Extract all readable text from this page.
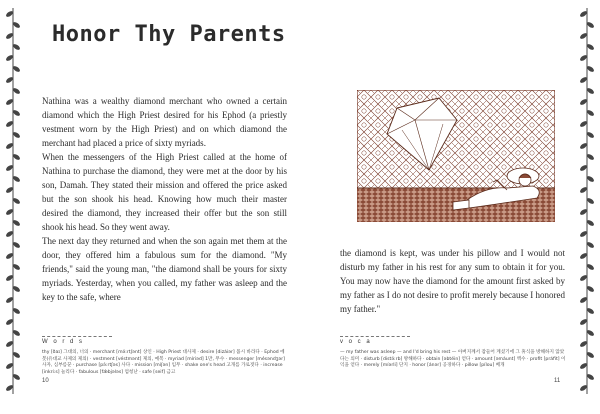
Honor Thy Parents

Nathina was a wealthy diamond merchant who owned a certain diamond which the High Priest desired for his Ephod (a priestly vestment worn by the High Priest) and on which diamond the merchant had placed a price of sixty myriads.

When the messengers of the High Priest called at the home of Nathina to purchase the diamond, they were met at the door by his son, Damah. They stated their mission and offered the price asked but the son shook his head. Knowing how much their master desired the diamond, they increased their offer but the son still shook his head. So they went away.

The next day they returned and when the son again met them at the door, they offered him a fabulous sum for the diamond. "My friends," said the young man, "the diamond shall be yours for sixty myriads. Yesterday, when you called, my father was asleep and the key to the safe, where

W o r d s
thy [ðaɪ] 그대의, 너의 · merchant [mə́ːrtʃənt] 상인 · High Priest 대사제 · desire [dizáiər] 몹시 바라다 · Ephod 에봇(유대교 사제의 제의) · vestment [véstmənt] 제의, 예복 · myriad [míriəd] 1만, 무수 · messenger [mésəndʒər] 사자, 심부름꾼 · purchase [pə́ːrtʃəs] 사다 · mission [míʃən] 임무 · shake one's head 고개를 가로젓다 · increase [inkríːs] 늘리다 · fabulous [fǽbjələs] 엄청난 · safe [seif] 금고
10

the diamond is kept, was under his pillow and I would not disturb my father in his rest for any sum to obtain it for you. You may now have the diamond for the amount first asked by my father as I do not desire to profit merely because I honored my father."

v o c a
— my father was asleep — and I'd bring his rest — 아버지께서 잠들어 계셨기에 그 휴식을 방해하지 않았다는 의미 · disturb [distə́ːrb] 방해하다 · obtain [əbtéin] 얻다 · amount [əmáunt] 액수 · profit [práfit] 이익을 얻다 · merely [míərli] 단지 · honor [ánər] 공경하다 · pillow [pílou] 베개
11
